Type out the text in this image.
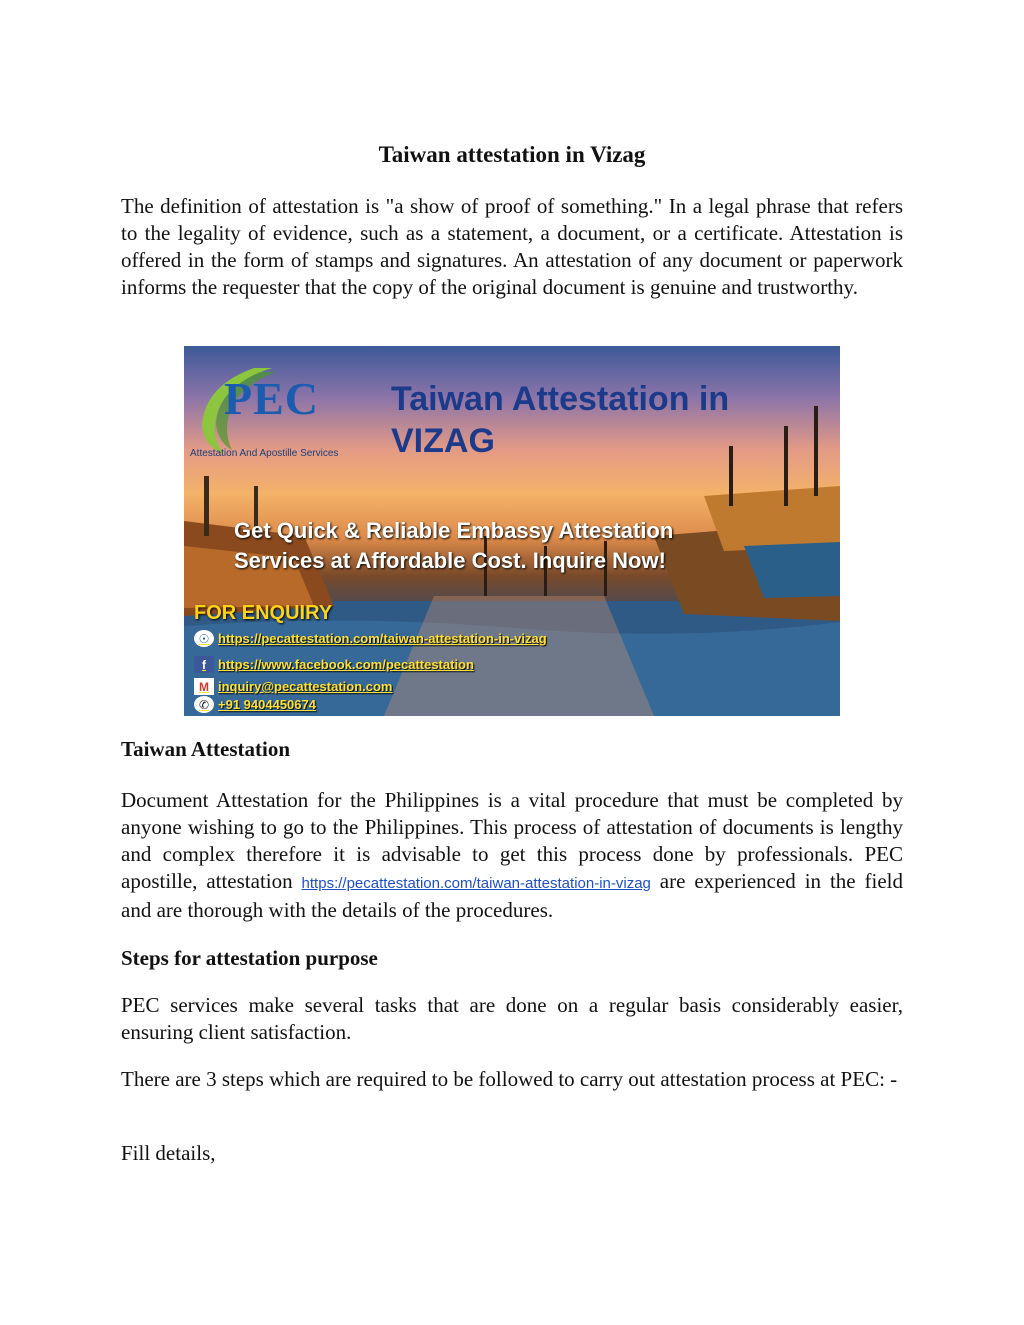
Taiwan attestation in Vizag

The definition of attestation is "a show of proof of something." In a legal phrase that refers to the legality of evidence, such as a statement, a document, or a certificate. Attestation is offered in the form of stamps and signatures. An attestation of any document or paperwork informs the requester that the copy of the original document is genuine and trustworthy.

PEC

Attestation And Apostille Services

Taiwan Attestation in

VIZAG

Get Quick & Reliable Embassy Attestation

Services at Affordable Cost. Inquire Now!

FOR ENQUIRY

☉ https://pecattestation.com/taiwan-attestation-in-vizag
f https://www.facebook.com/pecattestation
M inquiry@pecattestation.com
✆ +91 9404450674
Taiwan Attestation

Document Attestation for the Philippines is a vital procedure that must be completed by anyone wishing to go to the Philippines. This process of attestation of documents is lengthy and complex therefore it is advisable to get this process done by professionals. PEC apostille, attestation https://pecattestation.com/taiwan-attestation-in-vizag are experienced in the field and are thorough with the details of the procedures.

Steps for attestation purpose

PEC services make several tasks that are done on a regular basis considerably easier, ensuring client satisfaction.

There are 3 steps which are required to be followed to carry out attestation process at PEC: -

Fill details,
